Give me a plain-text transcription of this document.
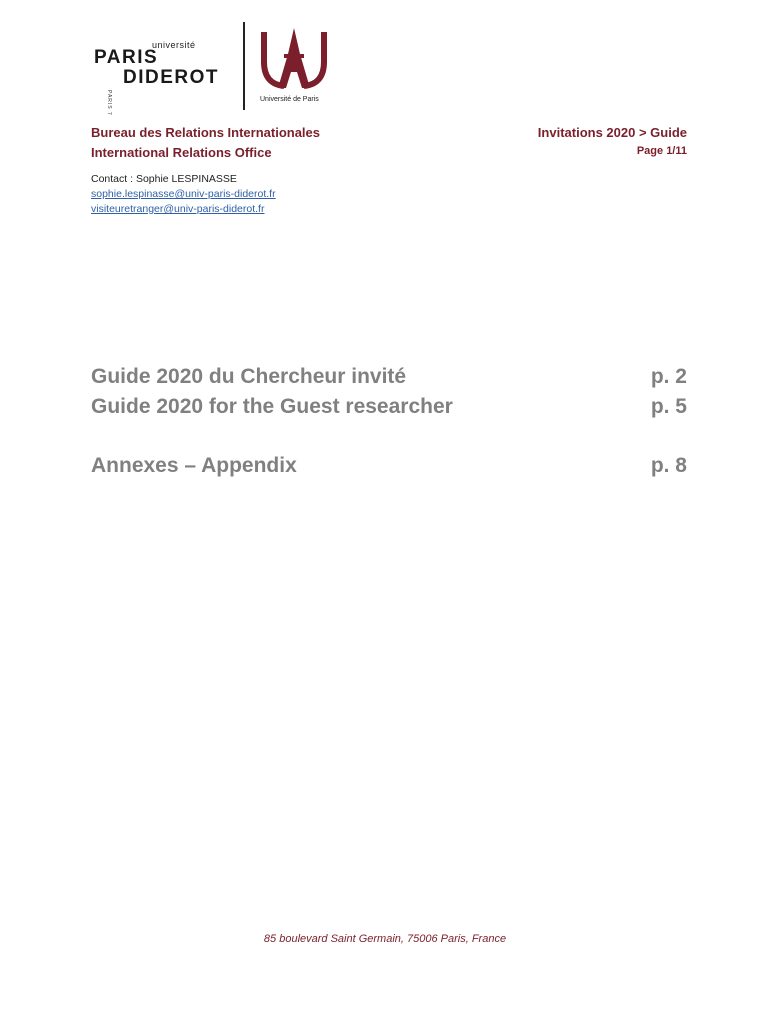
université
PARIS
PARIS 7
DIDEROT
Université de Paris
Bureau des Relations Internationales
International Relations Office
Invitations 2020 > Guide
Page 1/11
Contact : Sophie LESPINASSE
sophie.lespinasse@univ-paris-diderot.fr
visiteuretranger@univ-paris-diderot.fr
Guide 2020 du Chercheur invité	p. 2
Guide 2020 for the Guest researcher	p. 5
Annexes – Appendix	p. 8
85 boulevard Saint Germain, 75006 Paris, France
